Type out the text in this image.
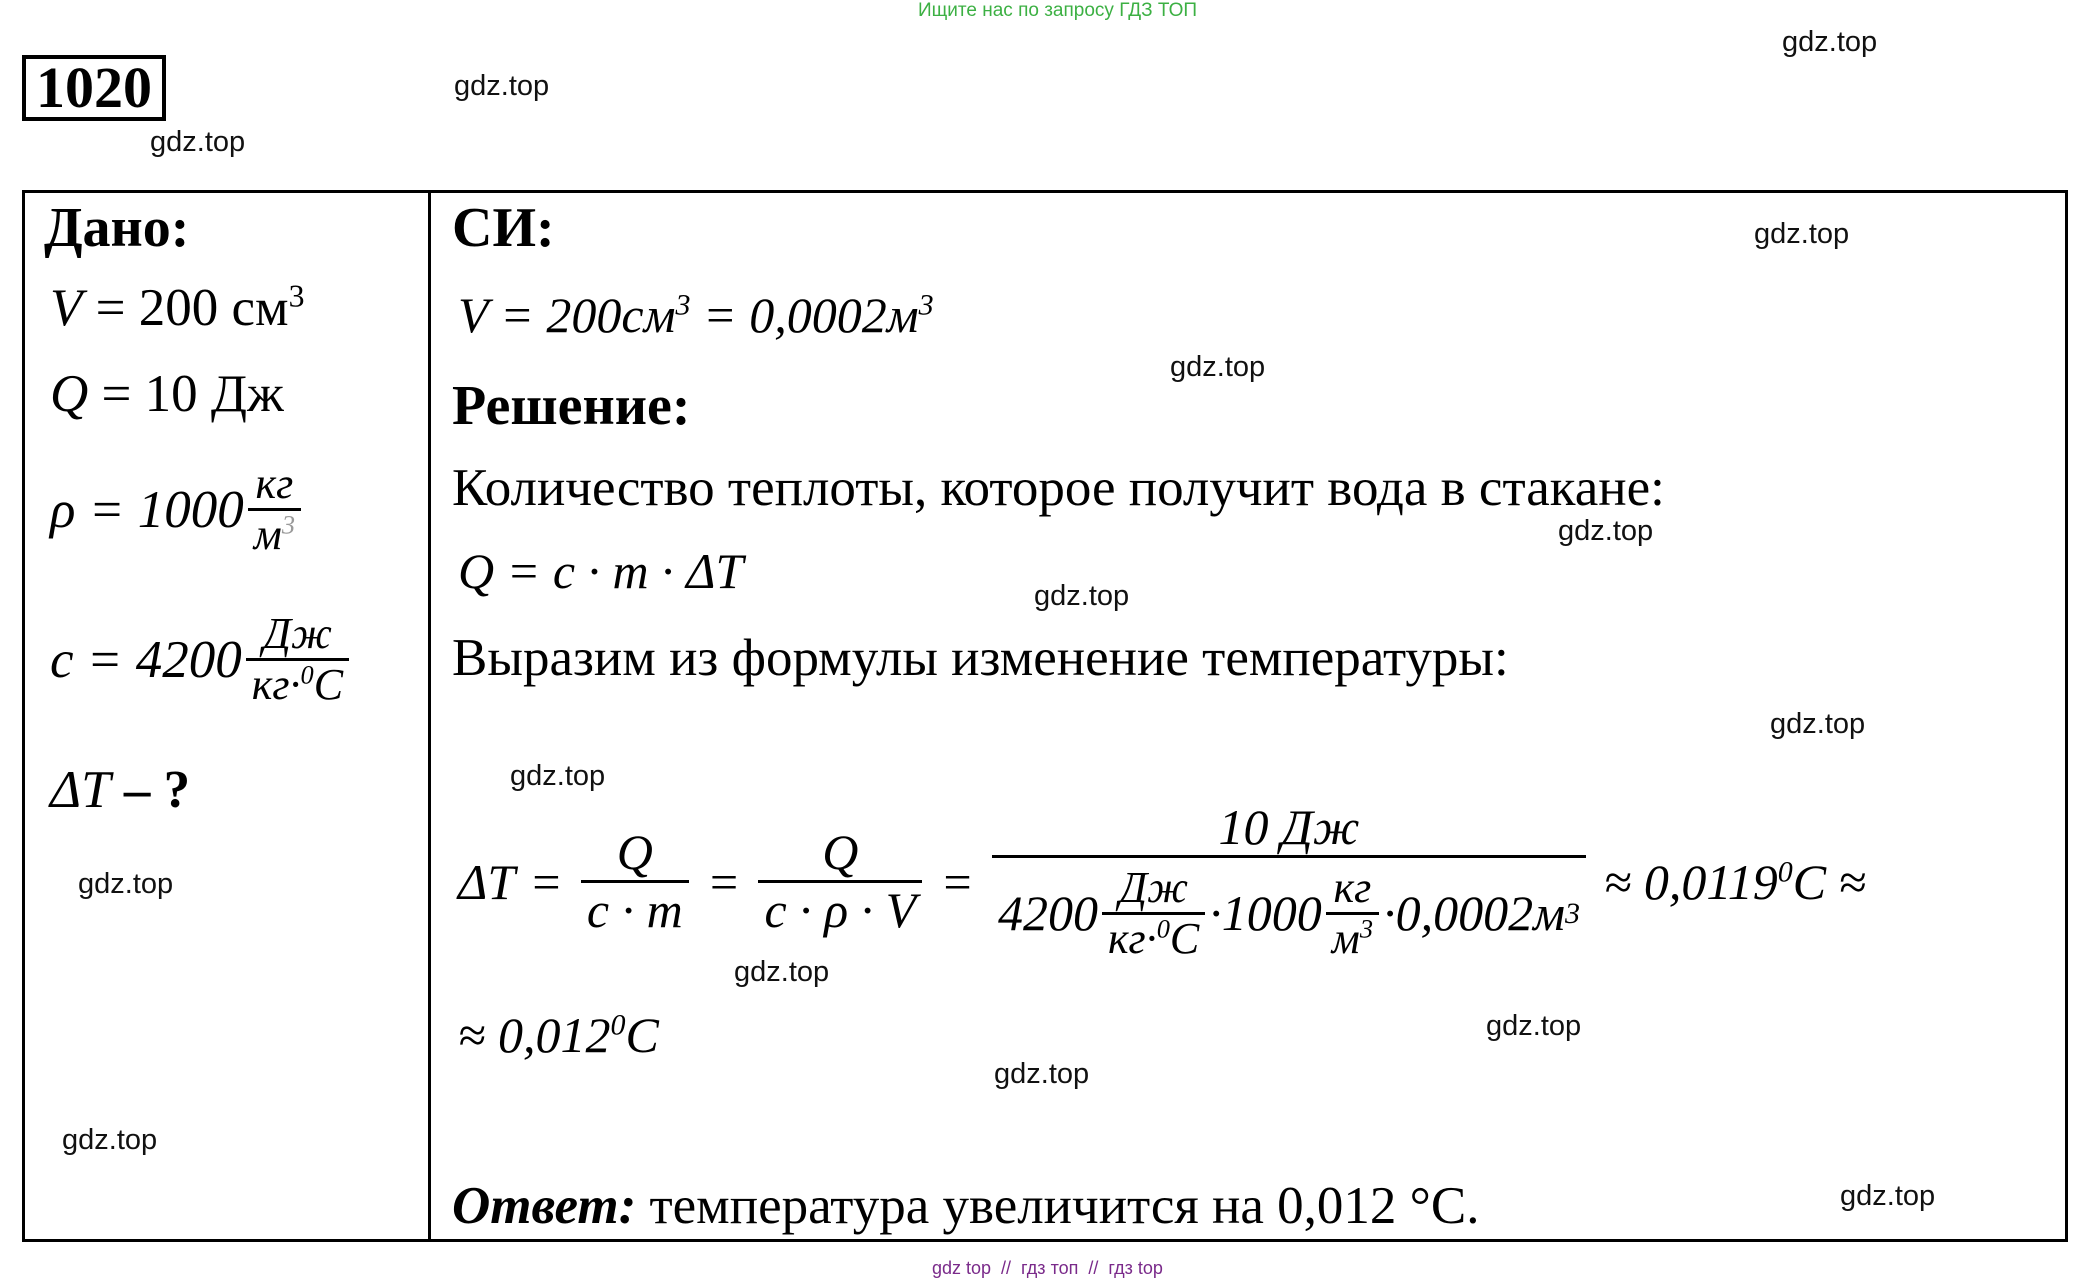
Ищите нас по запросу ГДЗ ТОП
1020	gdz.top
gdz.top
gdz.top
gdz.top
gdz.top
gdz.top
gdz.top
gdz.top
gdz.top
gdz.top
gdz.top
gdz.top
gdz.top
gdz.top
gdz.top
Дано:
V = 200 $см^3$
Q = 10 Дж
$\rho = 1000 \frac{кг}{м^3}$
$c = 4200 \frac{Дж}{кг\cdot^0C}$
ΔT – ?
СИ:
$V = 200см^3 = 0,0002м^3$
Решение:
Количество теплоты, которое получит вода в стакане:
Q = c · m · ΔT
Выразим из формулы изменение температуры:
$\Delta T = \frac{Q}{c \cdot m} = \frac{Q}{c \cdot \rho \cdot V}$ =
10 Дж
$4200 \frac{Дж}{кг\cdot^0C} \cdot 1000 \frac{кг}{м^3} \cdot 0,0002м$ 3
≈ $0,0119^0C$ ≈
≈ $0,012^0C$
Ответ: температура увеличится на 0,012 °C.
gdz top  //  гдз топ  //  гдз top
